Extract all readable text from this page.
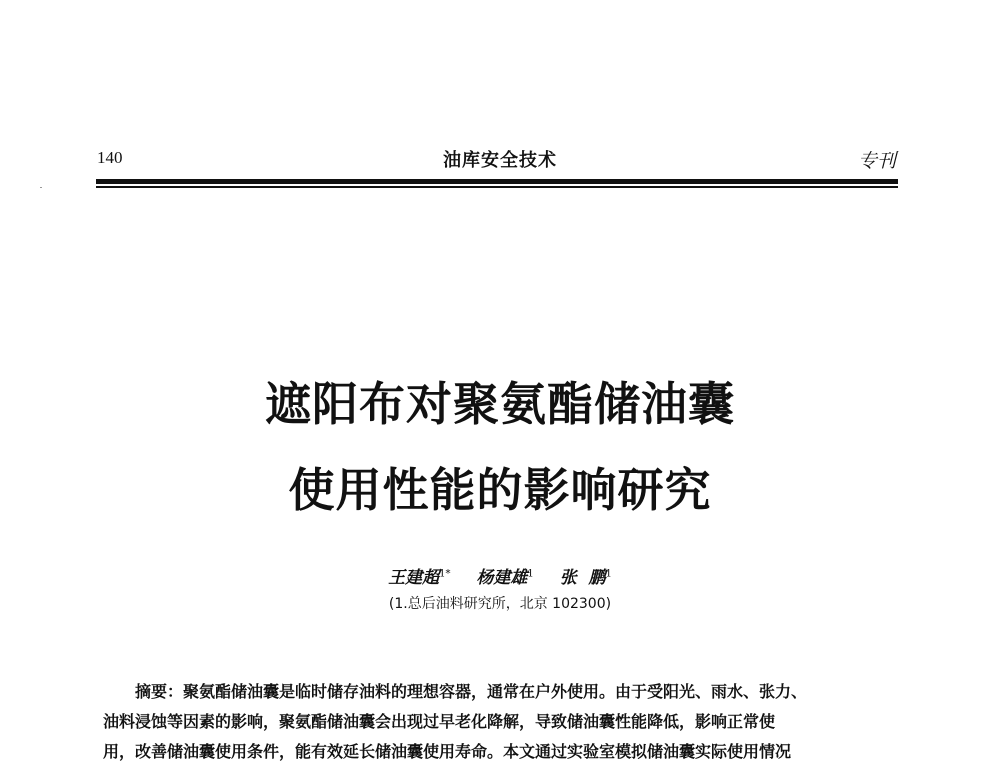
140	油库安全技术	专刊
遮阳布对聚氨酯储油囊
使用性能的影响研究
王建超$^{1*}$ 杨建雄$^1$ 张  鹏$^1$
(1.总后油料研究所，北京 102300)
摘要：聚氨酯储油囊是临时储存油料的理想容器，通常在户外使用。由于受阳光、雨水、张力、
油料浸蚀等因素的影响，聚氨酯储油囊会出现过早老化降解，导致储油囊性能降低，影响正常使
用，改善储油囊使用条件，能有效延长储油囊使用寿命。本文通过实验室模拟储油囊实际使用情况
